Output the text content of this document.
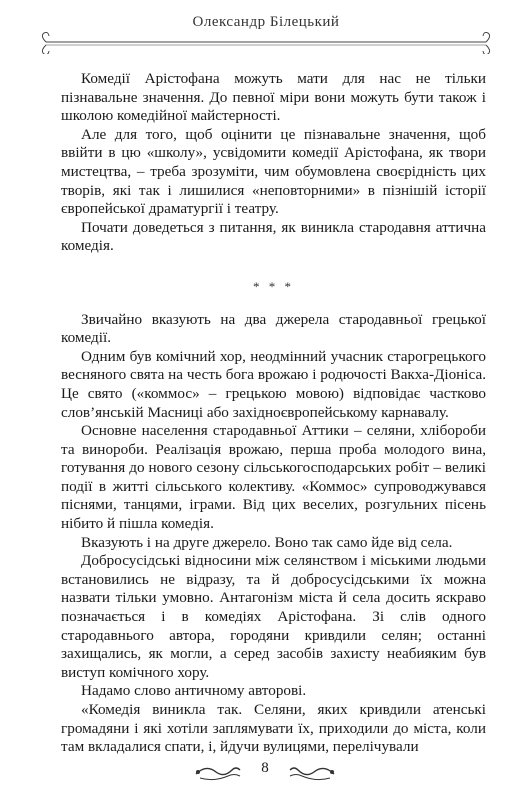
Олександр Білецький

Комедії Арістофана можуть мати для нас не тільки пізнавальне значення. До певної міри вони можуть бути також і школою комедійної майстерності.

Але для того, щоб оцінити це пізнавальне значення, щоб ввійти в цю «школу», усвідомити комедії Арістофана, як твори мистецтва, – треба зрозуміти, чим обумовлена своєрідність цих творів, які так і лишилися «неповторними» в пізнішій історії європейської драматургії і театру.

Почати доведеться з питання, як виникла стародавня аттична комедія.

* * *

Звичайно вказують на два джерела стародавньої грецької комедії.

Одним був комічний хор, неодмінний учасник старогрецького весняного свята на честь бога врожаю і родючості Вакха-Діоніса. Це свято («коммос» – грецькою мовою) відповідає частково слов’янській Масниці або західноєвропейському карнавалу.

Основне населення стародавньої Аттики – селяни, хлібороби та винороби. Реалізація врожаю, перша проба молодого вина, готування до нового сезону сільськогосподарських робіт – великі події в житті сільського колективу. «Коммос» супроводжувався піснями, танцями, іграми. Від цих веселих, розгульних пісень нібито й пішла комедія.

Вказують і на друге джерело. Воно так само йде від села.

Добросусідські відносини між селянством і міськими людьми встановились не відразу, та й добросусідськими їх можна назвати тільки умовно. Антагонізм міста й села досить яскраво позначається і в комедіях Арістофана. Зі слів одного стародавнього автора, городяни кривдили селян; останні захищались, як могли, а серед засобів захисту неабияким був виступ комічного хору.

Надамо слово античному авторові.

«Комедія виникла так. Селяни, яких кривдили атенські громадяни і які хотіли заплямувати їх, приходили до міста, коли там вкладалися спати, і, йдучи вулицями, перелічували

8
